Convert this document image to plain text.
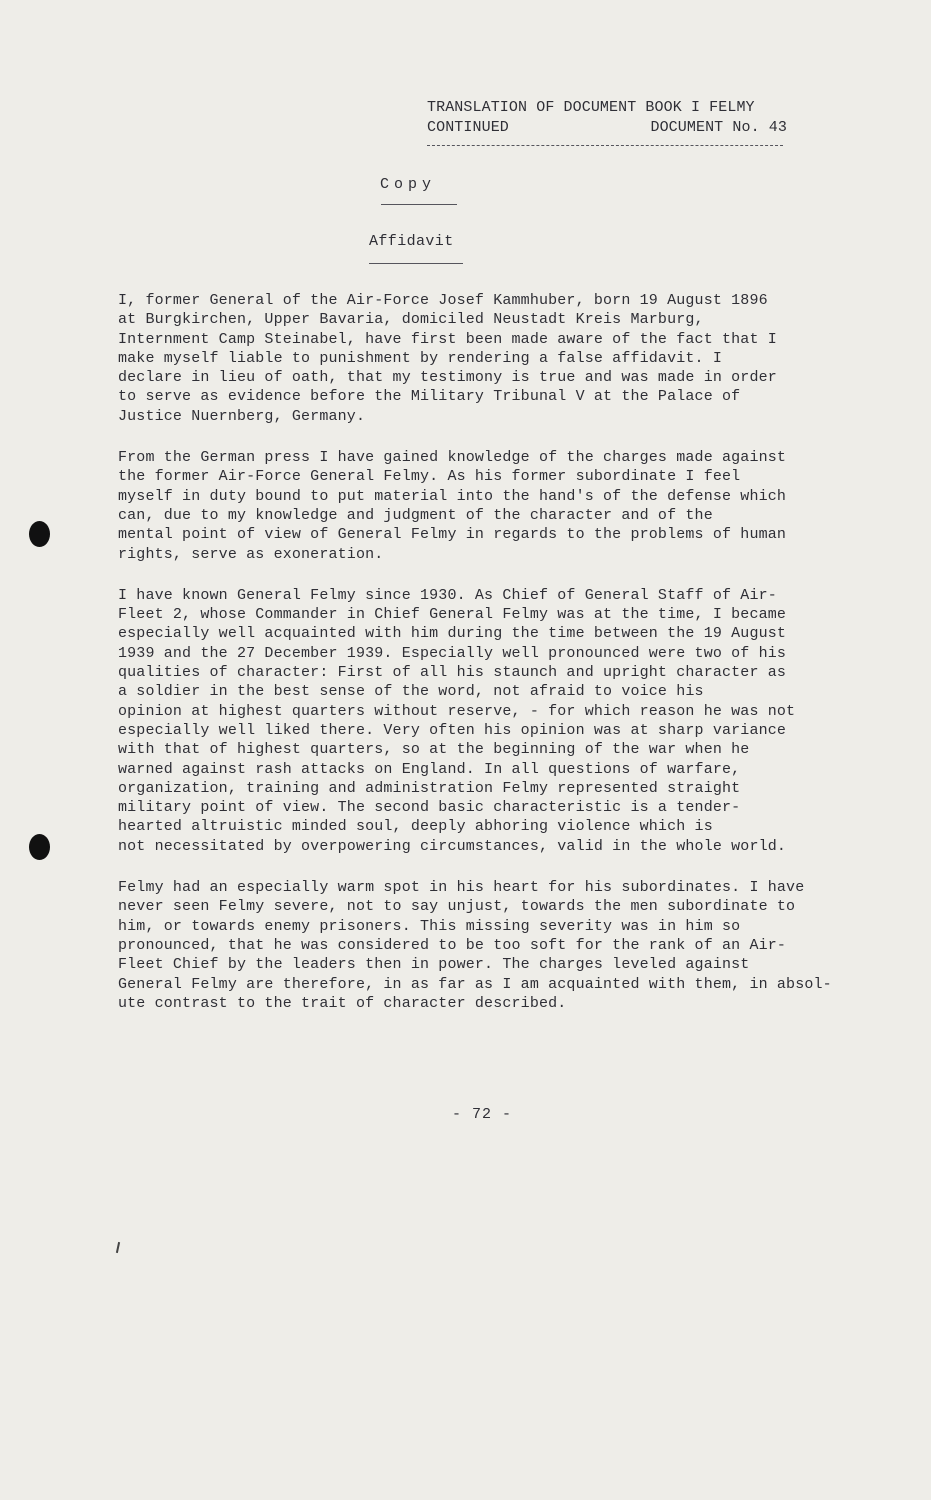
TRANSLATION OF DOCUMENT BOOK I FELMY
CONTINUED	DOCUMENT No. 43
Copy
Affidavit
I, former General of the Air-Force Josef Kammhuber, born 19 August 1896
at Burgkirchen, Upper Bavaria, domiciled Neustadt Kreis Marburg,
Internment Camp Steinabel, have first been made aware of the fact that I
make myself liable to punishment by rendering a false affidavit. I
declare in lieu of oath, that my testimony is true and was made in order
to serve as evidence before the Military Tribunal V at the Palace of
Justice Nuernberg, Germany.
From the German press I have gained knowledge of the charges made against
the former Air-Force General Felmy. As his former subordinate I feel
myself in duty bound to put material into the hand's of the defense which
can, due to my knowledge and judgment of the character and of the
mental point of view of General Felmy in regards to the problems of human
rights, serve as exoneration.
I have known General Felmy since 1930. As Chief of General Staff of Air-
Fleet 2, whose Commander in Chief General Felmy was at the time, I became
especially well acquainted with him during the time between the 19 August
1939 and the 27 December 1939. Especially well pronounced were two of his
qualities of character: First of all his staunch and upright character as
a soldier in the best sense of the word, not afraid to voice his
opinion at highest quarters without reserve, - for which reason he was not
especially well liked there. Very often his opinion was at sharp variance
with that of highest quarters, so at the beginning of the war when he
warned against rash attacks on England. In all questions of warfare,
organization, training and administration Felmy represented straight
military point of view. The second basic characteristic is a tender-
hearted altruistic minded soul, deeply abhoring violence which is
not necessitated by overpowering circumstances, valid in the whole world.
Felmy had an especially warm spot in his heart for his subordinates. I have
never seen Felmy severe, not to say unjust, towards the men subordinate to
him, or towards enemy prisoners. This missing severity was in him so
pronounced, that he was considered to be too soft for the rank of an Air-
Fleet Chief by the leaders then in power. The charges leveled against
General Felmy are therefore, in as far as I am acquainted with them, in absol-
ute contrast to the trait of character described.
- 72 -
